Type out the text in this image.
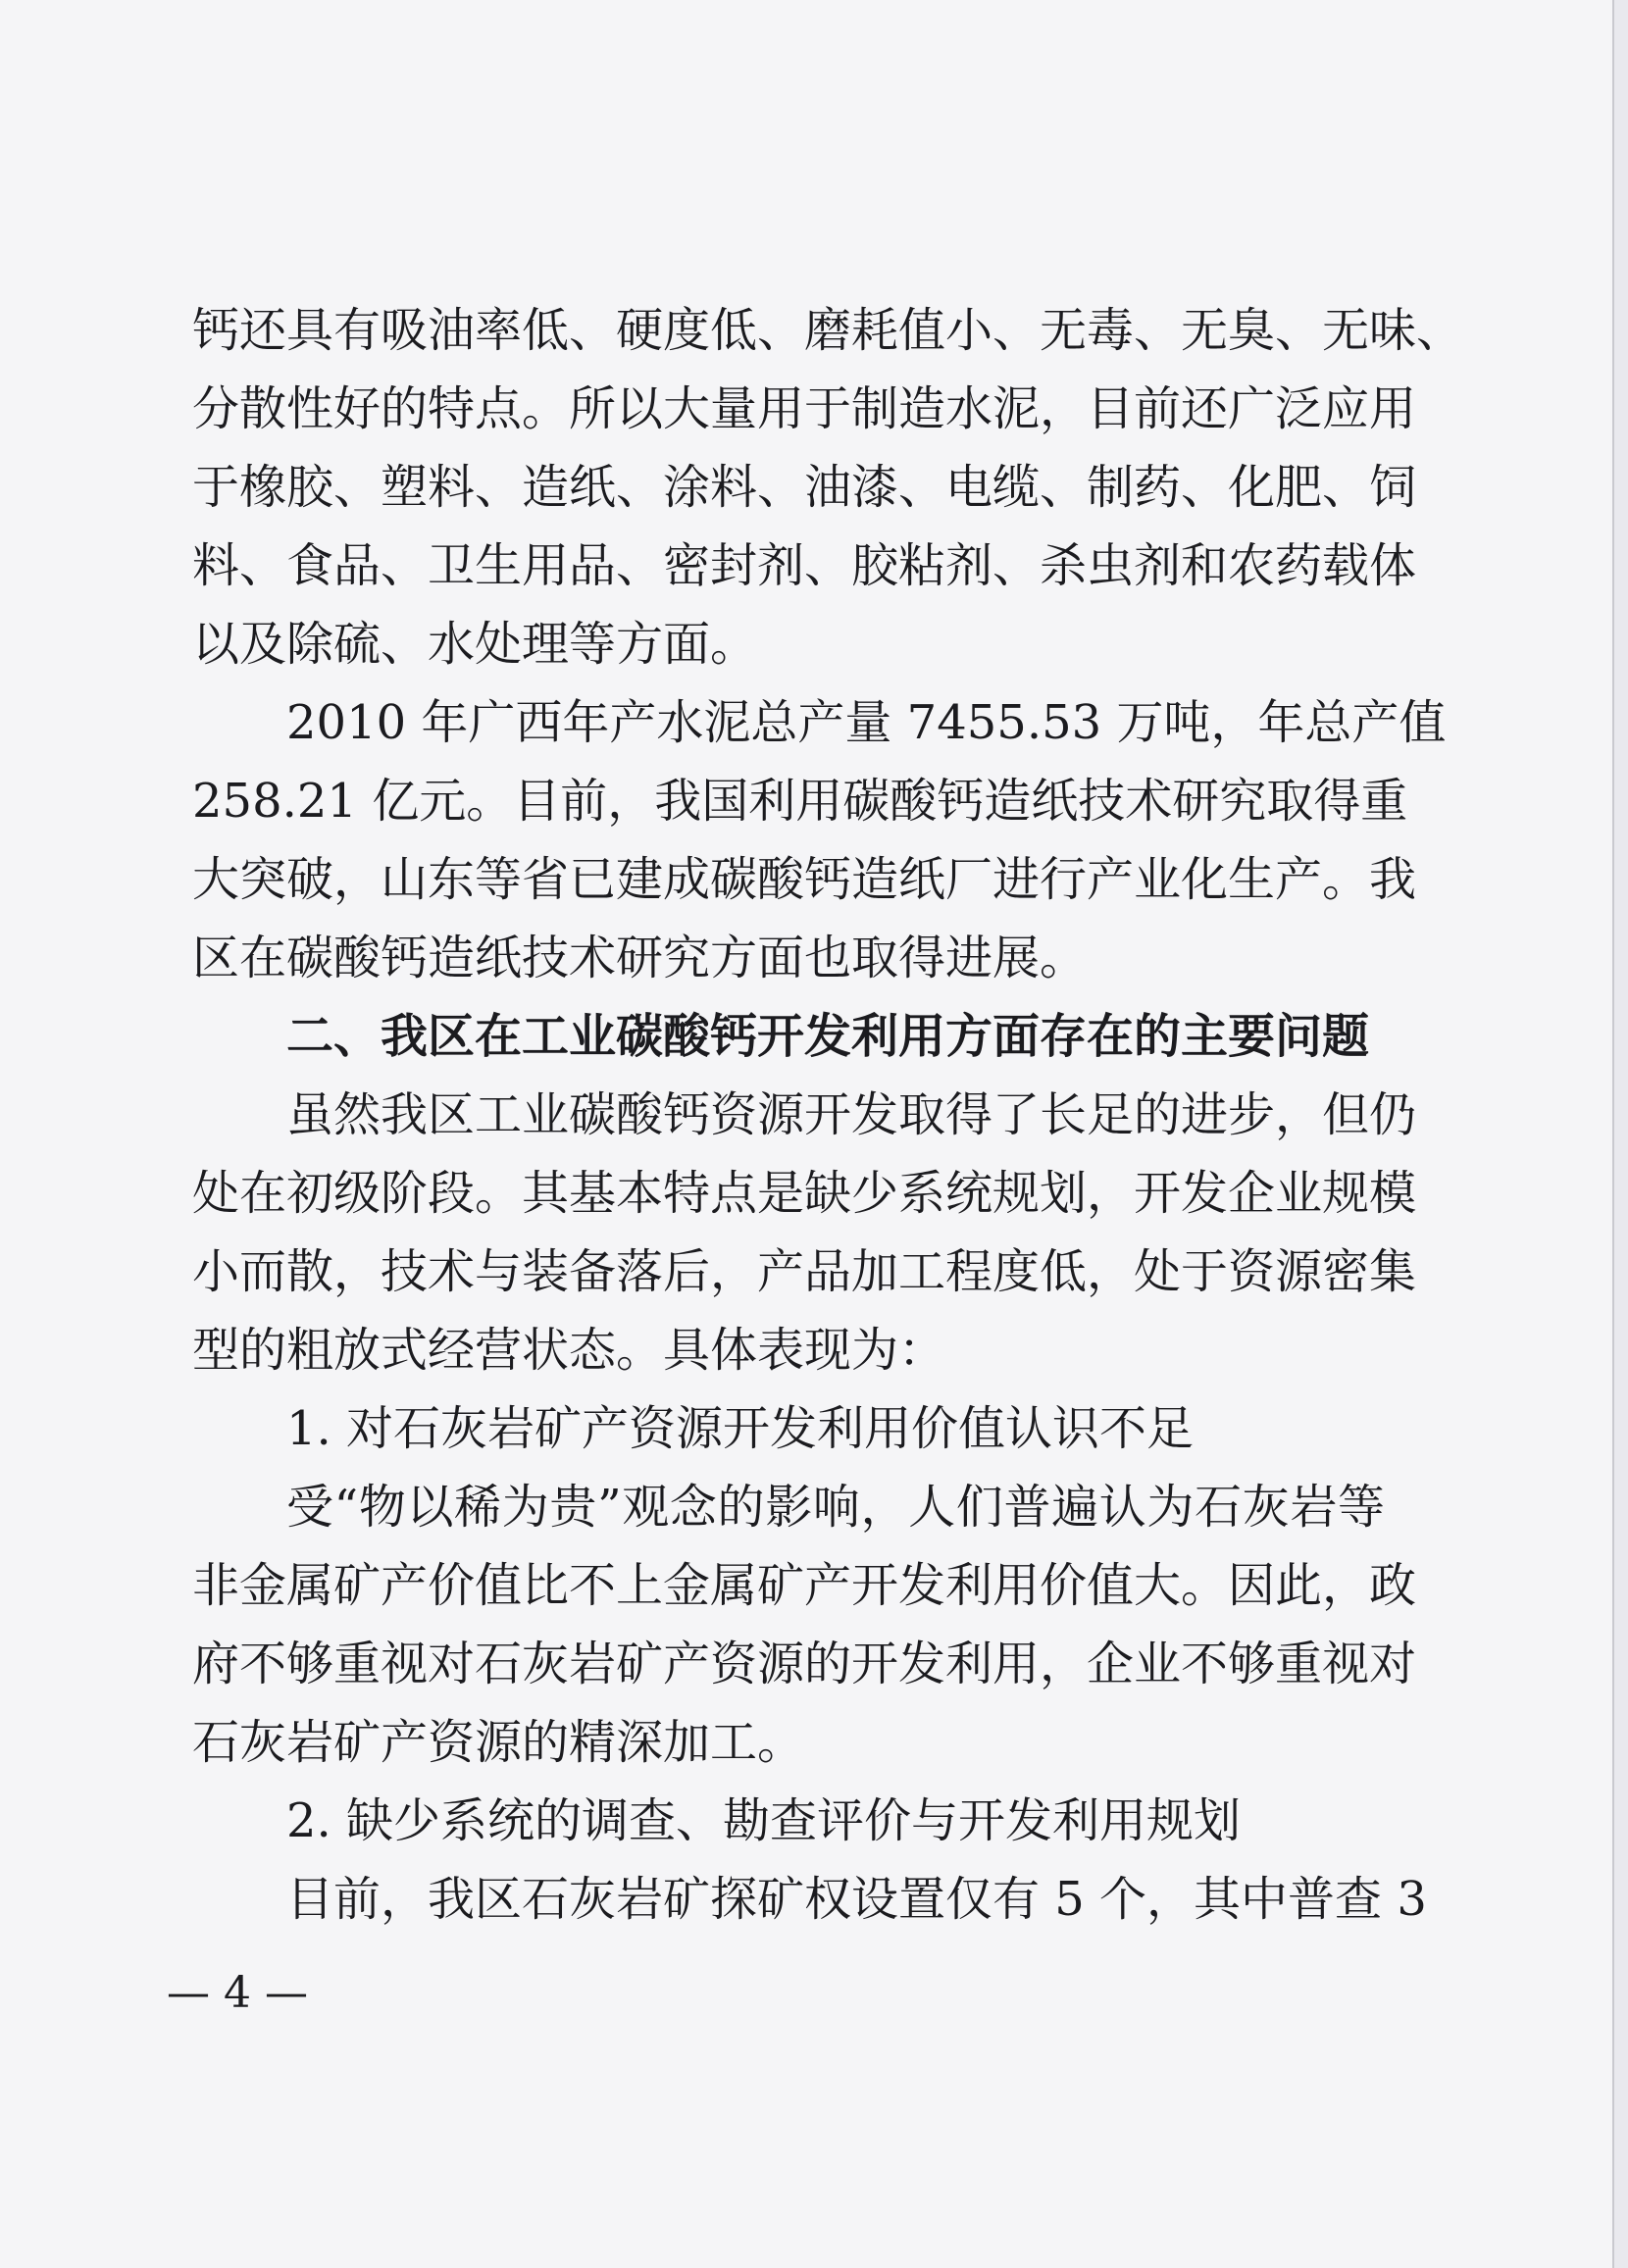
钙还具有吸油率低、硬度低、磨耗值小、无毒、无臭、无味、
分散性好的特点。所以大量用于制造水泥，目前还广泛应用
于橡胶、塑料、造纸、涂料、油漆、电缆、制药、化肥、饲
料、食品、卫生用品、密封剂、胶粘剂、杀虫剂和农药载体
以及除硫、水处理等方面。
2010 年广西年产水泥总产量 7455.53 万吨，年总产值
258.21 亿元。目前，我国利用碳酸钙造纸技术研究取得重
大突破，山东等省已建成碳酸钙造纸厂进行产业化生产。我
区在碳酸钙造纸技术研究方面也取得进展。
二、我区在工业碳酸钙开发利用方面存在的主要问题
虽然我区工业碳酸钙资源开发取得了长足的进步，但仍
处在初级阶段。其基本特点是缺少系统规划，开发企业规模
小而散，技术与装备落后，产品加工程度低，处于资源密集
型的粗放式经营状态。具体表现为：
1. 对石灰岩矿产资源开发利用价值认识不足
受“物以稀为贵”观念的影响，人们普遍认为石灰岩等
非金属矿产价值比不上金属矿产开发利用价值大。因此，政
府不够重视对石灰岩矿产资源的开发利用，企业不够重视对
石灰岩矿产资源的精深加工。
2. 缺少系统的调查、勘查评价与开发利用规划
目前，我区石灰岩矿探矿权设置仅有 5 个，其中普查 3
— 4 —
